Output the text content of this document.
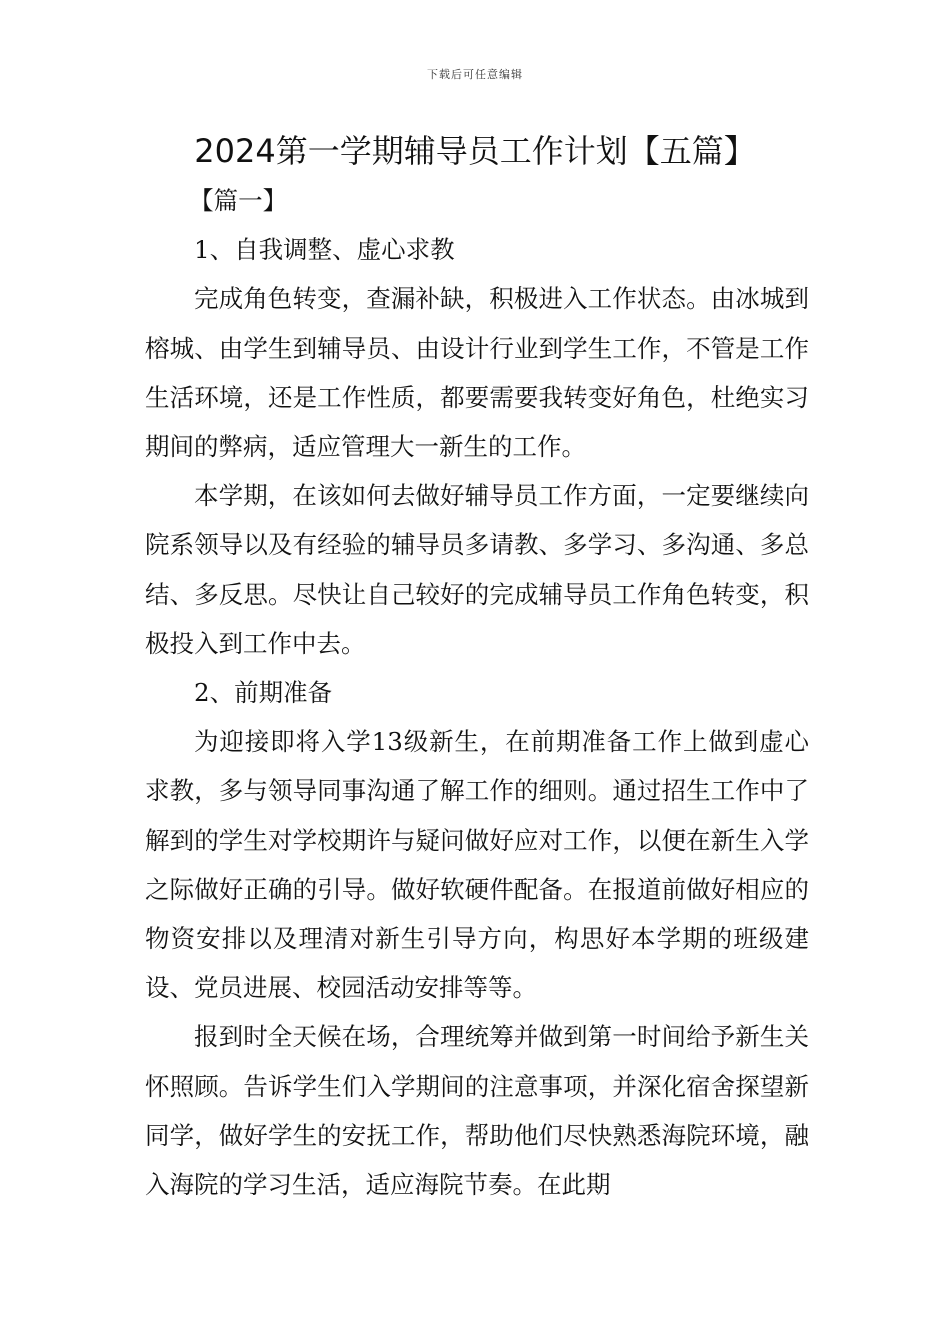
下载后可任意编辑
2024第一学期辅导员工作计划【五篇】

【篇一】

1、自我调整、虚心求教

完成角色转变，查漏补缺，积极进入工作状态。由冰城到榕城、由学生到辅导员、由设计行业到学生工作，不管是工作生活环境，还是工作性质，都要需要我转变好角色，杜绝实习期间的弊病，适应管理大一新生的工作。

本学期，在该如何去做好辅导员工作方面，一定要继续向院系领导以及有经验的辅导员多请教、多学习、多沟通、多总结、多反思。尽快让自己较好的完成辅导员工作角色转变，积极投入到工作中去。

2、前期准备

为迎接即将入学13级新生，在前期准备工作上做到虚心求教，多与领导同事沟通了解工作的细则。通过招生工作中了解到的学生对学校期许与疑问做好应对工作，以便在新生入学之际做好正确的引导。做好软硬件配备。在报道前做好相应的物资安排以及理清对新生引导方向，构思好本学期的班级建设、党员进展、校园活动安排等等。

报到时全天候在场，合理统筹并做到第一时间给予新生关怀照顾。告诉学生们入学期间的注意事项，并深化宿舍探望新同学，做好学生的安抚工作，帮助他们尽快熟悉海院环境，融入海院的学习生活，适应海院节奏。在此期
